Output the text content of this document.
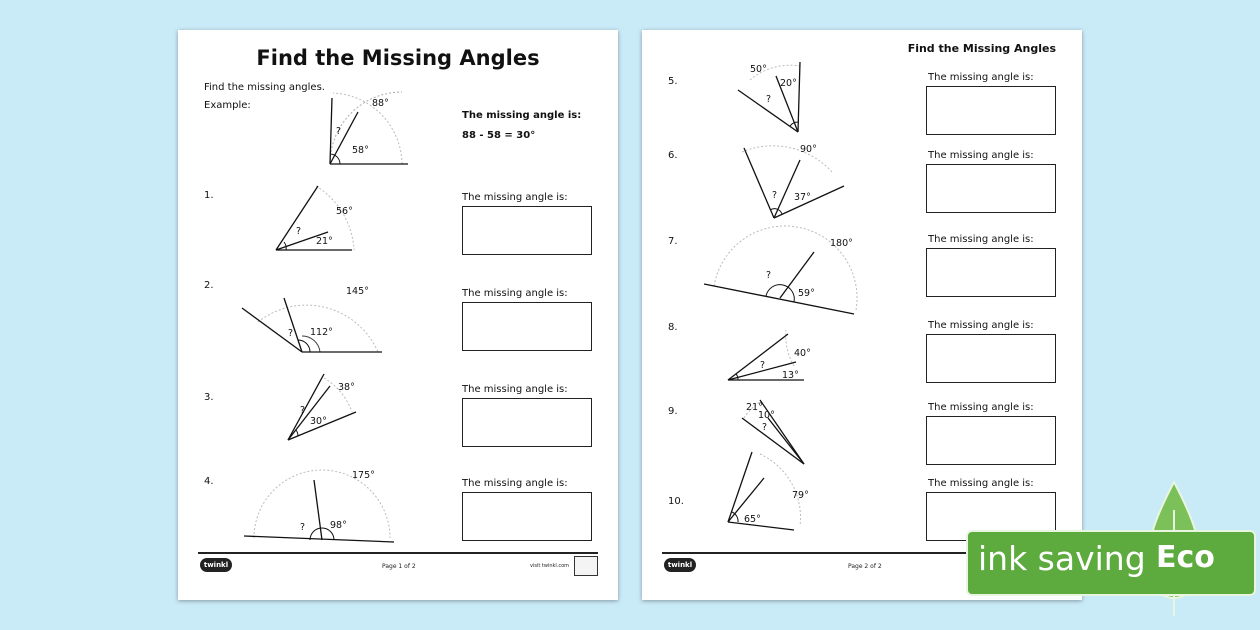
Find the Missing Angles
Find the missing angles.
Example:	88°
58°
?
The missing angle is:
88 - 58 = 30°
1.
56°
21°
?
The missing angle is:
2.
145°
112°
?
The missing angle is:
3.
38°
30°
?
The missing angle is:
4.
175°
98°
?
The missing angle is:
twinkl	Page 1 of 2	visit twinkl.com
Find the Missing Angles
5.
50°
20°
?
The missing angle is:
6.
90°
37°
?
The missing angle is:
7.	180°
59°
?
The missing angle is:
8.
40°
13°
?
The missing angle is:
9.	21°
10°
?
The missing angle is:
10.
79°
65°
The missing angle is:
twinkl	Page 2 of 2	ink saving Eco
